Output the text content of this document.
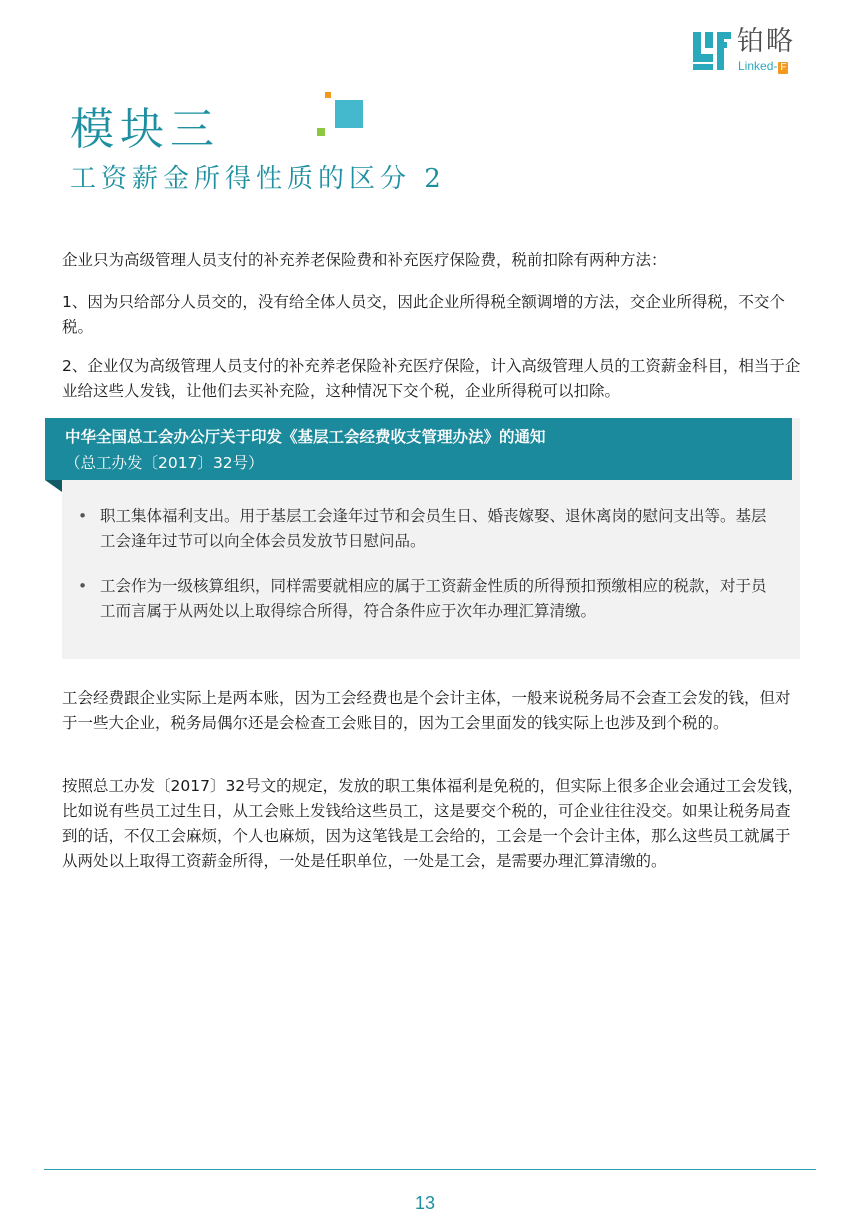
铂略
Linked- F
模块三
工资薪金所得性质的区分 2

企业只为高级管理人员支付的补充养老保险费和补充医疗保险费，税前扣除有两种方法：

1、因为只给部分人员交的，没有给全体人员交，因此企业所得税全额调增的方法，交企业所得税，不交个税。

2、企业仅为高级管理人员支付的补充养老保险补充医疗保险，计入高级管理人员的工资薪金科目，相当于企业给这些人发钱，让他们去买补充险，这种情况下交个税，企业所得税可以扣除。

中华全国总工会办公厅关于印发《基层工会经费收支管理办法》的通知
（总工办发〔2017〕32号）
• 职工集体福利支出。用于基层工会逢年过节和会员生日、婚丧嫁娶、退休离岗的慰问支出等。基层工会逢年过节可以向全体会员发放节日慰问品。
• 工会作为一级核算组织，同样需要就相应的属于工资薪金性质的所得预扣预缴相应的税款，对于员工而言属于从两处以上取得综合所得，符合条件应于次年办理汇算清缴。

工会经费跟企业实际上是两本账，因为工会经费也是个会计主体，一般来说税务局不会查工会发的钱，但对于一些大企业，税务局偶尔还是会检查工会账目的，因为工会里面发的钱实际上也涉及到个税的。

按照总工办发〔2017〕32号文的规定，发放的职工集体福利是免税的，但实际上很多企业会通过工会发钱，比如说有些员工过生日，从工会账上发钱给这些员工，这是要交个税的，可企业往往没交。如果让税务局查到的话，不仅工会麻烦，个人也麻烦，因为这笔钱是工会给的，工会是一个会计主体，那么这些员工就属于从两处以上取得工资薪金所得，一处是任职单位，一处是工会，是需要办理汇算清缴的。

13
